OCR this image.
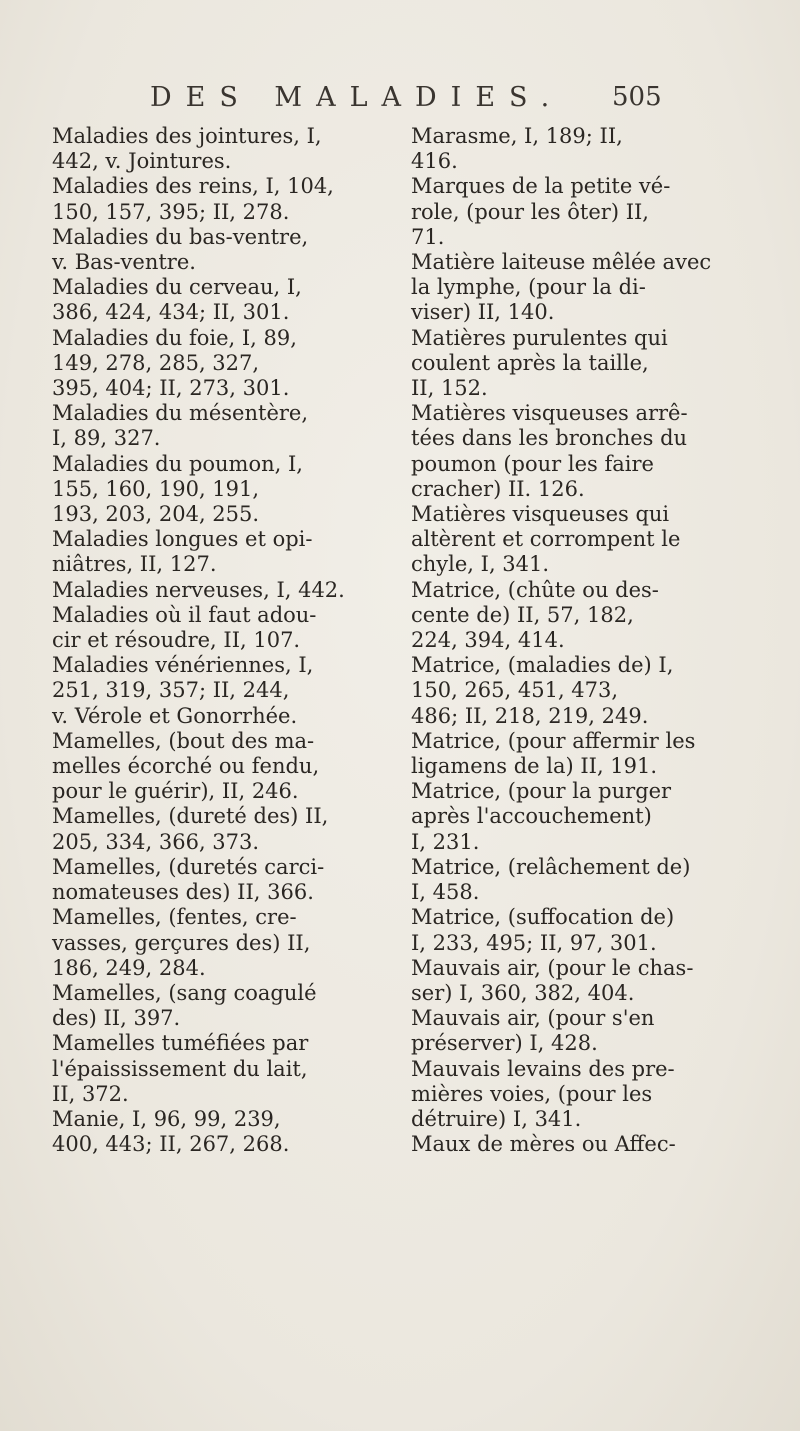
DES MALADIES.	505

Maladies des jointures, I,
442, v. Jointures.

Maladies des reins, I, 104,
150, 157, 395; II, 278.

Maladies du bas-ventre,
v. Bas-ventre.

Maladies du cerveau, I,
386, 424, 434; II, 301.

Maladies du foie, I, 89,
149, 278, 285, 327,
395, 404; II, 273, 301.

Maladies du mésentère,
I, 89, 327.

Maladies du poumon, I,
155, 160, 190, 191,
193, 203, 204, 255.

Maladies longues et opi-
niâtres, II, 127.

Maladies nerveuses, I, 442.

Maladies où il faut adou-
cir et résoudre, II, 107.

Maladies vénériennes, I,
251, 319, 357; II, 244,
v. Vérole et Gonorrhée.

Mamelles, (bout des ma-
melles écorché ou fendu,
pour le guérir), II, 246.

Mamelles, (dureté des) II,
205, 334, 366, 373.

Mamelles, (duretés carci-
nomateuses des) II, 366.

Mamelles, (fentes, cre-
vasses, gerçures des) II,
186, 249, 284.

Mamelles, (sang coagulé
des) II, 397.

Mamelles tuméfiées par
l'épaississement du lait,
II, 372.

Manie, I, 96, 99, 239,
400, 443; II, 267, 268.

Marasme, I, 189; II,
416.

Marques de la petite vé-
role, (pour les ôter) II,
71.

Matière laiteuse mêlée avec
la lymphe, (pour la di-
viser) II, 140.

Matières purulentes qui
coulent après la taille,
II, 152.

Matières visqueuses arrê-
tées dans les bronches du
poumon (pour les faire
cracher) II. 126.

Matières visqueuses qui
altèrent et corrompent le
chyle, I, 341.

Matrice, (chûte ou des-
cente de) II, 57, 182,
224, 394, 414.

Matrice, (maladies de) I,
150, 265, 451, 473,
486; II, 218, 219, 249.

Matrice, (pour affermir les
ligamens de la) II, 191.

Matrice, (pour la purger
après l'accouchement)
I, 231.

Matrice, (relâchement de)
I, 458.

Matrice, (suffocation de)
I, 233, 495; II, 97, 301.

Mauvais air, (pour le chas-
ser) I, 360, 382, 404.

Mauvais air, (pour s'en
préserver) I, 428.

Mauvais levains des pre-
mières voies, (pour les
détruire) I, 341.

Maux de mères ou Affec-
